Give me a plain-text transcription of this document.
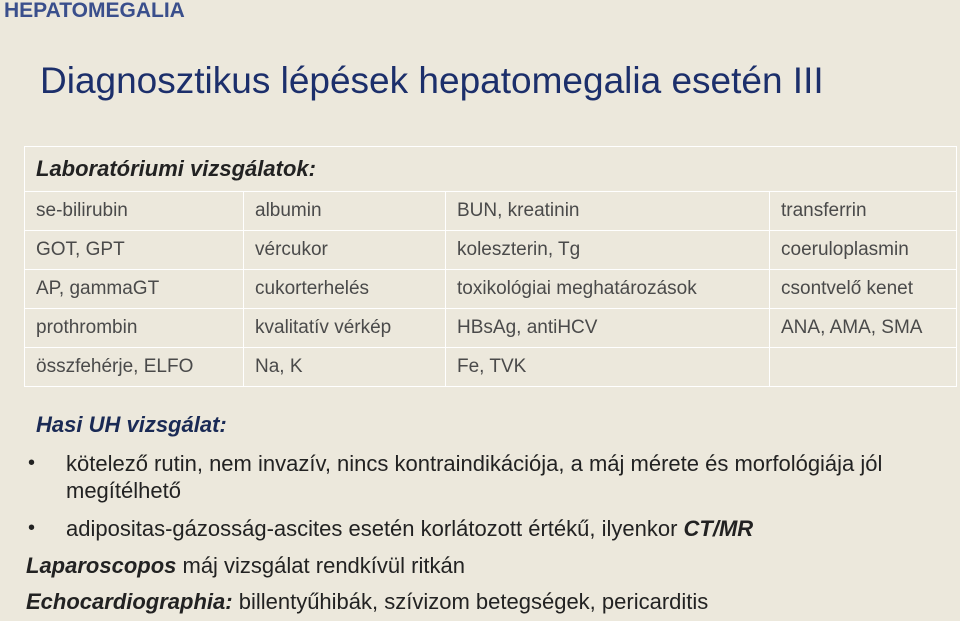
HEPATOMEGALIA
Diagnosztikus lépések hepatomegalia esetén III
Laboratóriumi vizsgálatok:			
se-bilirubin	albumin	BUN, kreatinin	transferrin
GOT, GPT	vércukor	koleszterin, Tg	coeruloplasmin
AP, gammaGT	cukorterhelés	toxikológiai meghatározások	csontvelő kenet
prothrombin	kvalitatív vérkép	HBsAg, antiHCV	ANA, AMA, SMA
összfehérje, ELFO	Na, K	Fe, TVK	
Hasi UH vizsgálat:
• kötelező rutin, nem invazív, nincs kontraindikációja, a máj mérete és morfológiája jól megítélhető
• adipositas-gázosság-ascites esetén korlátozott értékű, ilyenkor CT/MR
Laparoscopos máj vizsgálat rendkívül ritkán
Echocardiographia: billentyűhibák, szívizom betegségek, pericarditis
